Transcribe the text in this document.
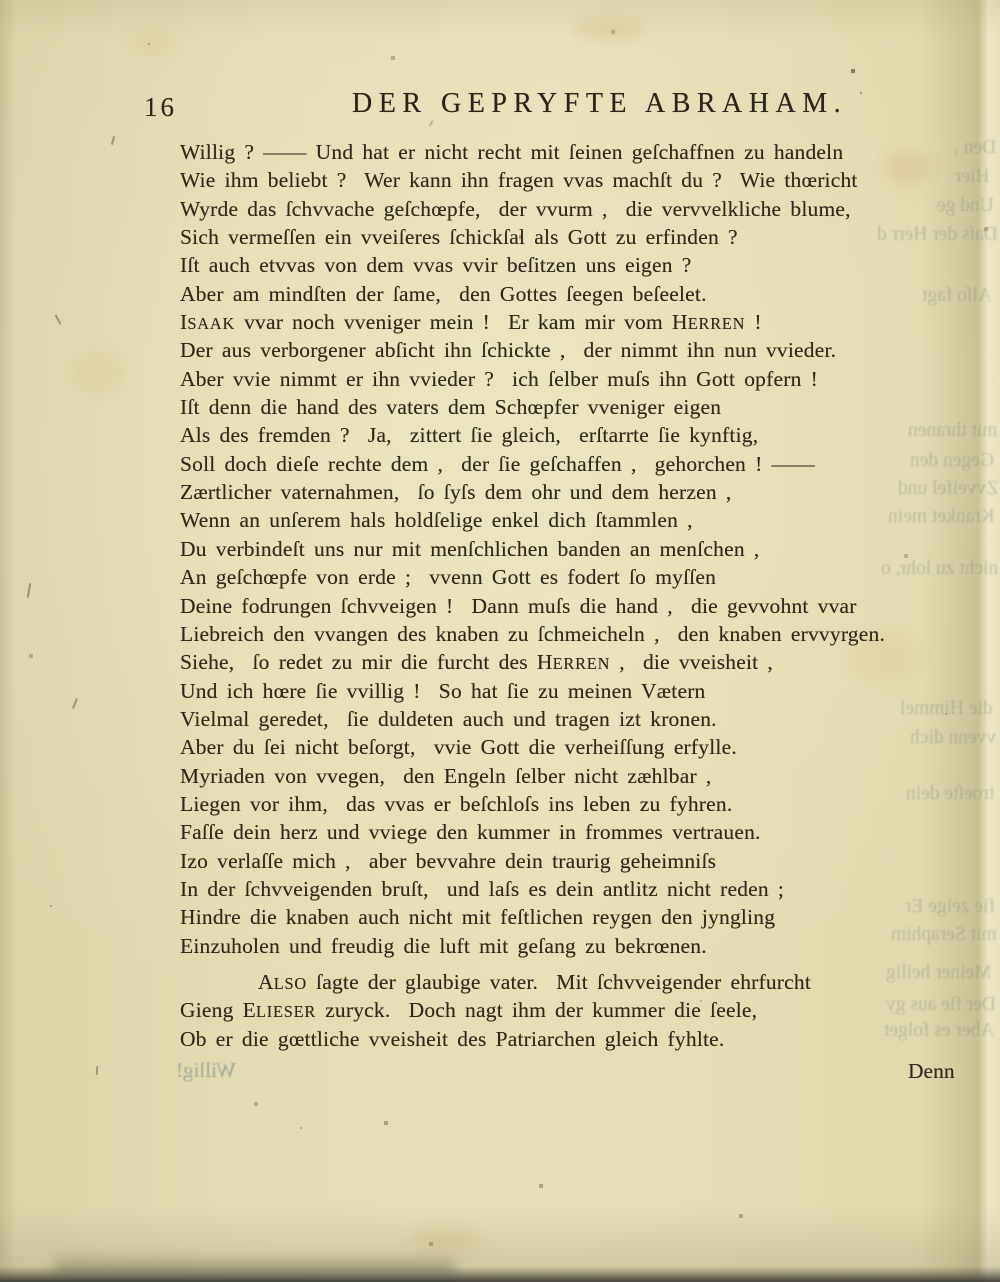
16	DER GEPRYFTE ABRAHAM.
Willig ? —— Und hat er nicht recht mit ſeinen geſchaffnen zu handeln
Wie ihm beliebt ?  Wer kann ihn fragen vvas machſt du ?  Wie thœricht
Wyrde das ſchvvache geſchœpfe,  der vvurm ,  die vervvelkliche blume,
Sich vermeſſen ein vveiſeres ſchickſal als Gott zu erfinden ?
Iſt auch etvvas von dem vvas vvir beſitzen uns eigen ?
Aber am mindſten der ſame,  den Gottes ſeegen beſeelet.
ISAAK vvar noch vveniger mein !  Er kam mir vom HERREN !
Der aus verborgener abſicht ihn ſchickte ,  der nimmt ihn nun vvieder.
Aber vvie nimmt er ihn vvieder ?  ich ſelber muſs ihn Gott opfern !
Iſt denn die hand des vaters dem Schœpfer vveniger eigen
Als des fremden ?  Ja,  zittert ſie gleich,  erſtarrte ſie kynftig,
Soll doch dieſe rechte dem ,  der ſie geſchaffen ,  gehorchen ! ——
Zærtlicher vaternahmen,  ſo ſyſs dem ohr und dem herzen ,
Wenn an unſerem hals holdſelige enkel dich ſtammlen ,
Du verbindeſt uns nur mit menſchlichen banden an menſchen ,
An geſchœpfe von erde ;  vvenn Gott es fodert ſo myſſen
Deine fodrungen ſchvveigen !  Dann muſs die hand ,  die gevvohnt vvar
Liebreich den vvangen des knaben zu ſchmeicheln ,  den knaben ervvyrgen.
Siehe,  ſo redet zu mir die furcht des HERREN ,  die vveisheit ,
Und ich hœre ſie vvillig !  So hat ſie zu meinen Vætern
Vielmal geredet,  ſie duldeten auch und tragen izt kronen.
Aber du ſei nicht beſorgt,  vvie Gott die verheiſſung erfylle.
Myriaden von vvegen,  den Engeln ſelber nicht zæhlbar ,
Liegen vor ihm,  das vvas er beſchloſs ins leben zu fyhren.
Faſſe dein herz und vviege den kummer in frommes vertrauen.
Izo verlaſſe mich ,  aber bevvahre dein traurig geheimniſs
In der ſchvveigenden bruſt,  und laſs es dein antlitz nicht reden ;
Hindre die knaben auch nicht mit feſtlichen reygen den jyngling
Einzuholen und freudig die luft mit geſang zu bekrœnen.
ALSO ſagte der glaubige vater.  Mit ſchvveigender ehrfurcht
Gieng ELIESER zuryck.  Doch nagt ihm der kummer die ſeele,
Ob er die gœttliche vveisheit des Patriarchen gleich fyhlte.
Denn
Den ,
Hier
Und ge
Daſs der Herr d
Alſo fagt
mit thranen
Gegen den
Zvveifel und
Kranket mein
nicht zu lohr, o
die Himmel
vvenn dich
troeſte dein
fie zeige Er
mit Seraphim
Meiner heilig
Der fie aus gy
Aber es folget
Willig!
